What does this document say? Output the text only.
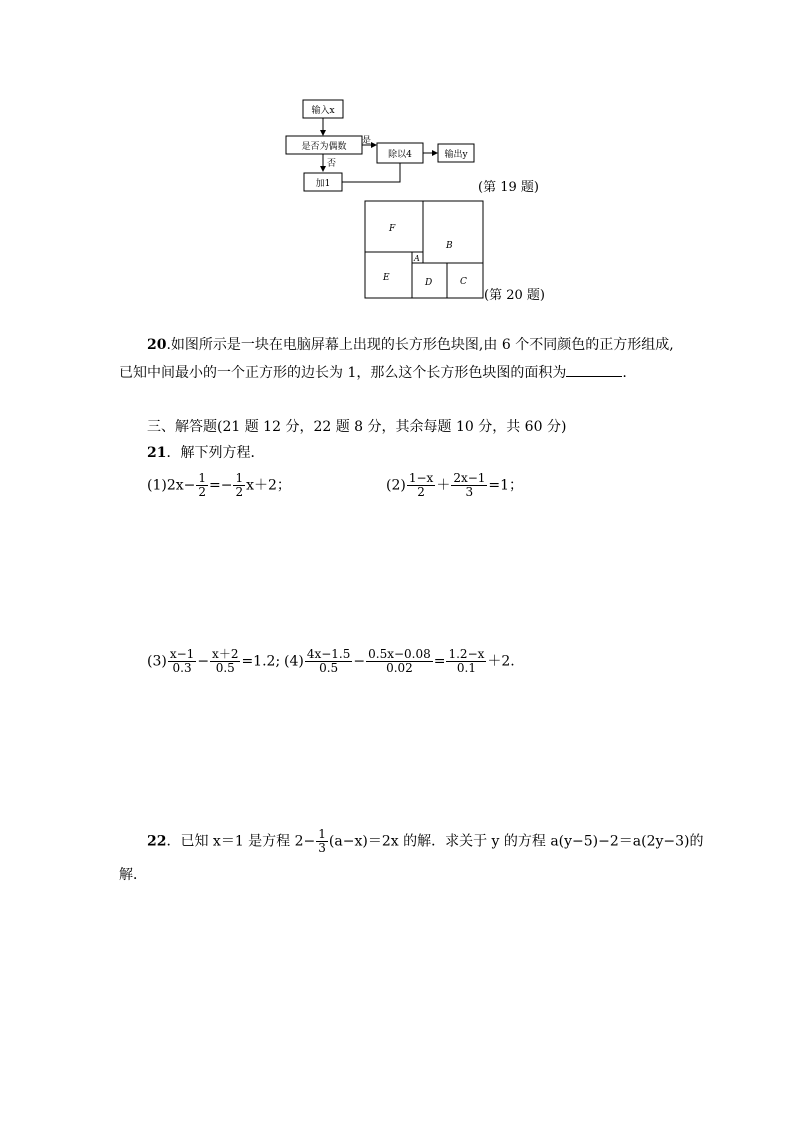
输入x
是否为偶数
是
否
加1
除以4	输出y
(第 19 题)
F
B
A
E	D	C
(第 20 题)
20.如图所示是一块在电脑屏幕上出现的长方形色块图,由 6 个不同颜色的正方形组成,
已知中间最小的一个正方形的边长为 1，那么这个长方形色块图的面积为	.
三、解答题(21 题 12 分，22 题 8 分，其余每题 10 分，共 60 分)
21．解下列方程．
$(1)2x- \frac{1}{2} =- \frac{1}{2} x+2$；	$(2) \frac{1-x}{2} + \frac{2x-1}{3} =1$；
$(3) \frac{x-1}{0.3} - \frac{x+2}{0.5} =1.2$; $(4) \frac{4x-1.5}{0.5} - \frac{0.5x-0.08}{0.02} = \frac{1.2-x}{0.1} +2$.
22．已知 x＝1 是方程 $2- \frac{1}{3} (a-x)=2x$ 的解．求关于 y 的方程 a(y−5)−2＝a(2y−3)的
解．
